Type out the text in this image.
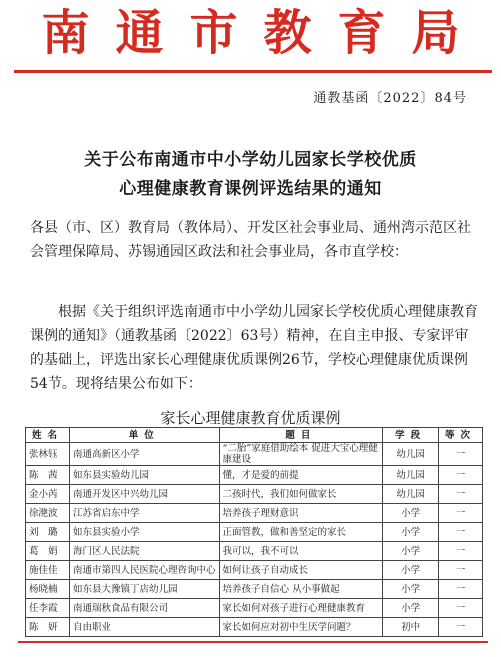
南通市教育局
通教基函〔2022〕84号
关于公布南通市中小学幼儿园家长学校优质
心理健康教育课例评选结果的通知
各县（市、区）教育局（教体局）、开发区社会事业局、通州湾示范区社会管理保障局、苏锡通园区政法和社会事业局，各市直学校：
根据《关于组织评选南通市中小学幼儿园家长学校优质心理健康教育课例的通知》（通教基函〔2022〕63号）精神，在自主申报、专家评审的基础上，评选出家长心理健康优质课例26节，学校心理健康优质课例54节。现将结果公布如下：
家长心理健康教育优质课例
姓名	单位	题目	学段	等次
张林钰	南通高新区小学	“二胎”家庭借助绘本 促进大宝心理健康建设	幼儿园	一
陈　茜	如东县实验幼儿园	懂，才是爱的前提	幼儿园	一
金小芮	南通开发区中兴幼儿园	二孩时代，我们如何做家长	幼儿园	一
徐滟波	江苏省启东中学	培养孩子理财意识	小学	一
刘　璐	如东县实验小学	正面管教，做和善坚定的家长	小学	一
葛　娟	海门区人民法院	我可以，我不可以	小学	一
施佳佳	南通市第四人民医院心理咨询中心	如何让孩子自动成长	小学	一
杨晓楠	如东县大豫镇丁店幼儿园	培养孩子自信心 从小事做起	小学	一
任李霞	南通瑞秋食品有限公司	家长如何对孩子进行心理健康教育	小学	一
陈　妍	自由职业	家长如何应对初中生厌学问题？	初中	一
